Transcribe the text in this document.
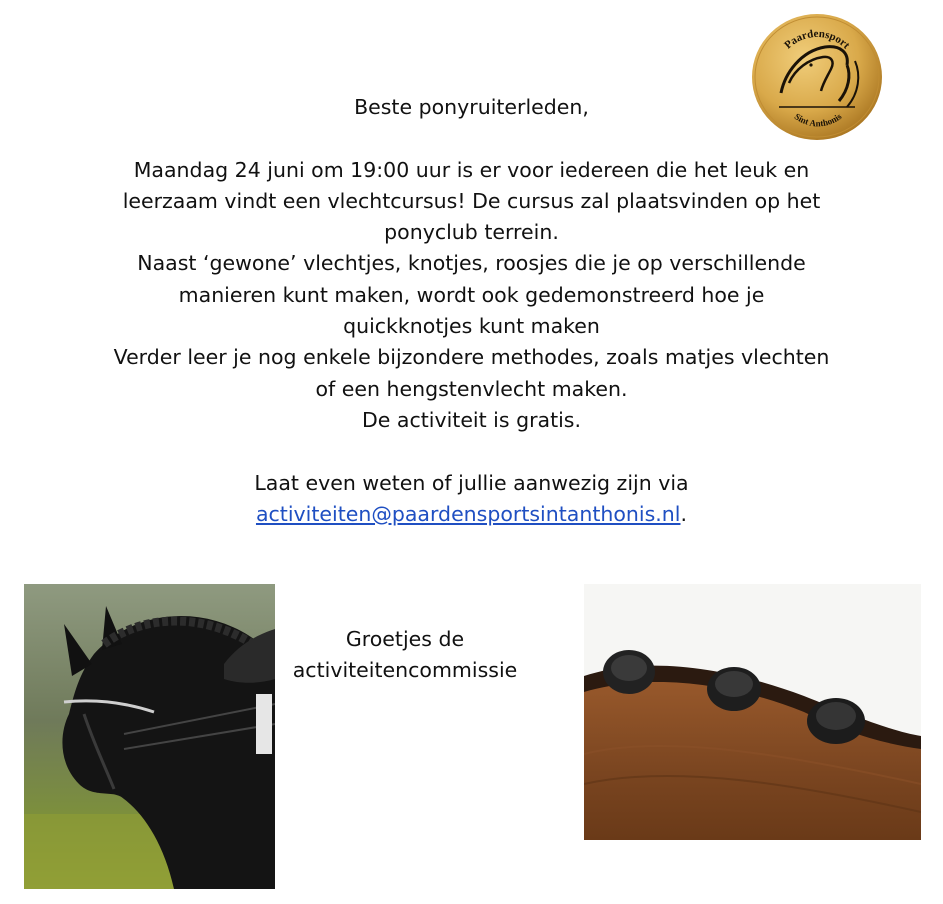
Paardensport
Sint Anthonis

Beste ponyruiterleden,

Maandag 24 juni om 19:00 uur is er voor iedereen die het leuk en

leerzaam vindt een vlechtcursus! De cursus zal plaatsvinden op het

ponyclub terrein.

Naast ‘gewone’ vlechtjes, knotjes, roosjes die je op verschillende

manieren kunt maken, wordt ook gedemonstreerd hoe je

quickknotjes kunt maken

Verder leer je nog enkele bijzondere methodes, zoals matjes vlechten

of een hengstenvlecht maken.

De activiteit is gratis.

Laat even weten of jullie aanwezig zijn via

activiteiten@paardensportsintanthonis.nl.

Groetjes de

activiteitencommissie
